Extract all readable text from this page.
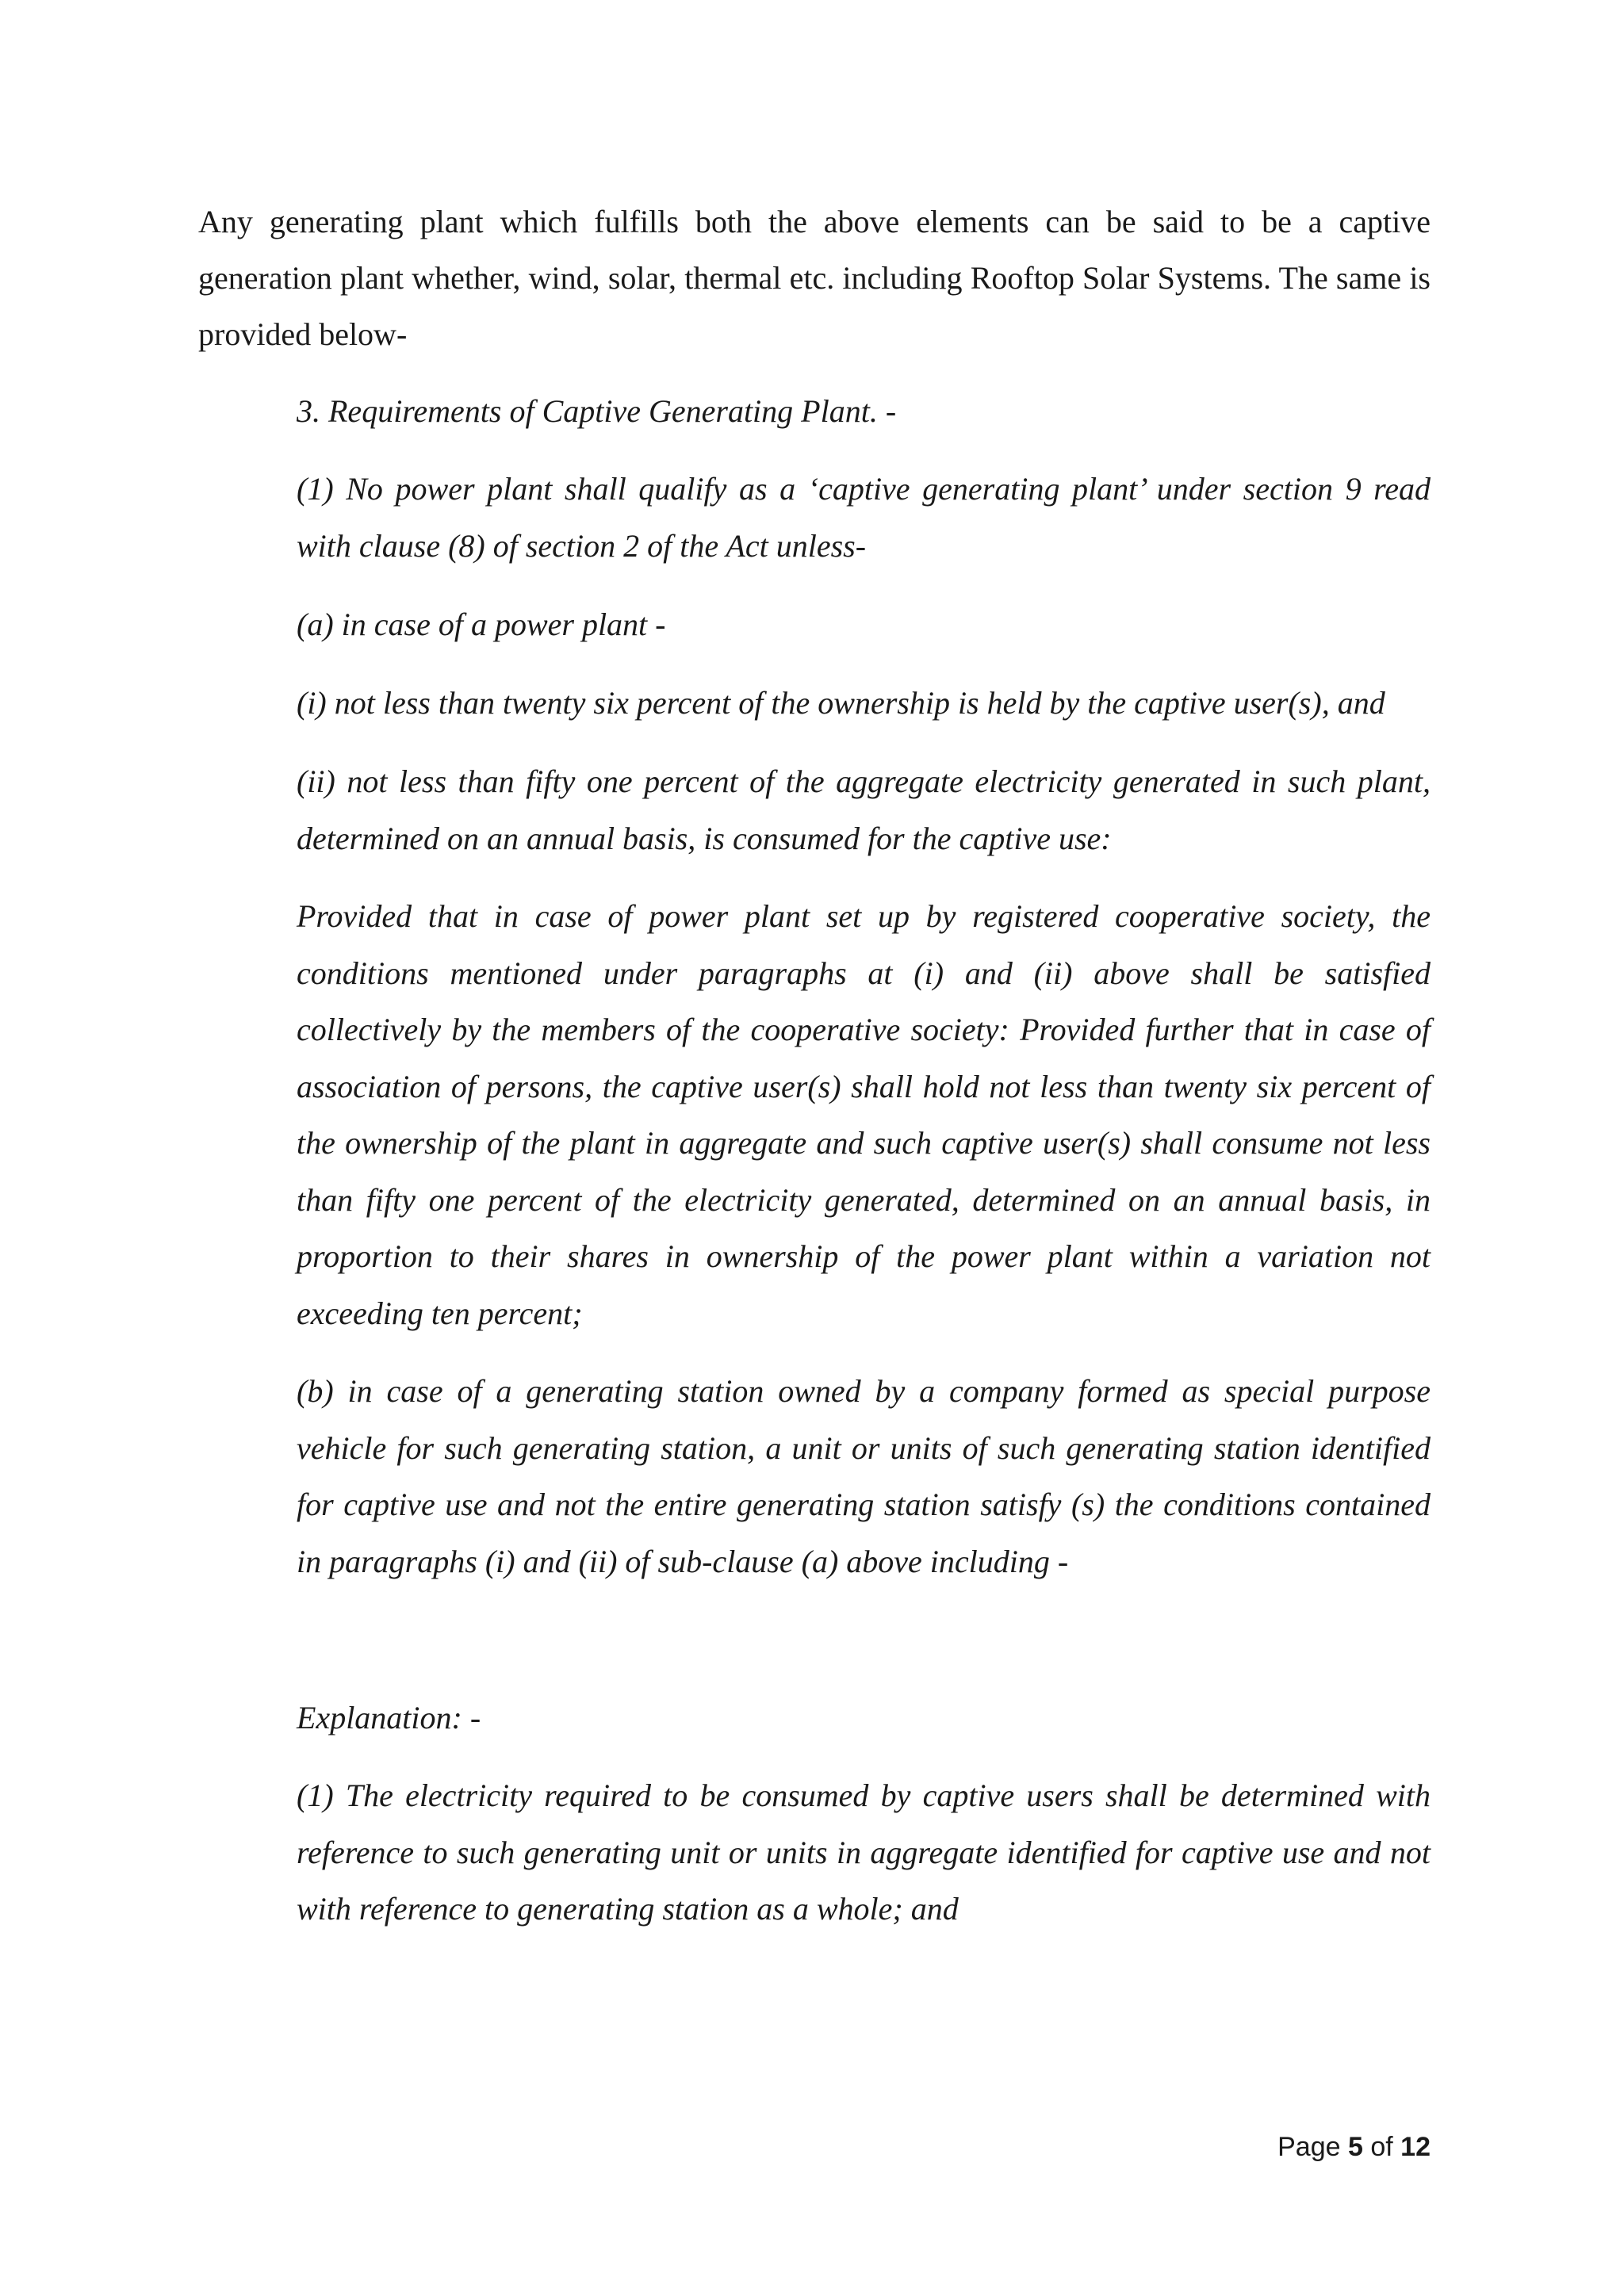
Any generating plant which fulfills both the above elements can be said to be a captive generation plant whether, wind, solar, thermal etc. including Rooftop Solar Systems. The same is provided below-

3. Requirements of Captive Generating Plant. -

(1) No power plant shall qualify as a ‘captive generating plant’ under section 9 read with clause (8) of section 2 of the Act unless-

(a) in case of a power plant -

(i) not less than twenty six percent of the ownership is held by the captive user(s), and

(ii) not less than fifty one percent of the aggregate electricity generated in such plant, determined on an annual basis, is consumed for the captive use:

Provided that in case of power plant set up by registered cooperative society, the conditions mentioned under paragraphs at (i) and (ii) above shall be satisfied collectively by the members of the cooperative society: Provided further that in case of association of persons, the captive user(s) shall hold not less than twenty six percent of the ownership of the plant in aggregate and such captive user(s) shall consume not less than fifty one percent of the electricity generated, determined on an annual basis, in proportion to their shares in ownership of the power plant within a variation not exceeding ten percent;

(b) in case of a generating station owned by a company formed as special purpose vehicle for such generating station, a unit or units of such generating station identified for captive use and not the entire generating station satisfy (s) the conditions contained in paragraphs (i) and (ii) of sub-clause (a) above including -

Explanation: -

(1) The electricity required to be consumed by captive users shall be determined with reference to such generating unit or units in aggregate identified for captive use and not with reference to generating station as a whole; and

Page 5 of 12
